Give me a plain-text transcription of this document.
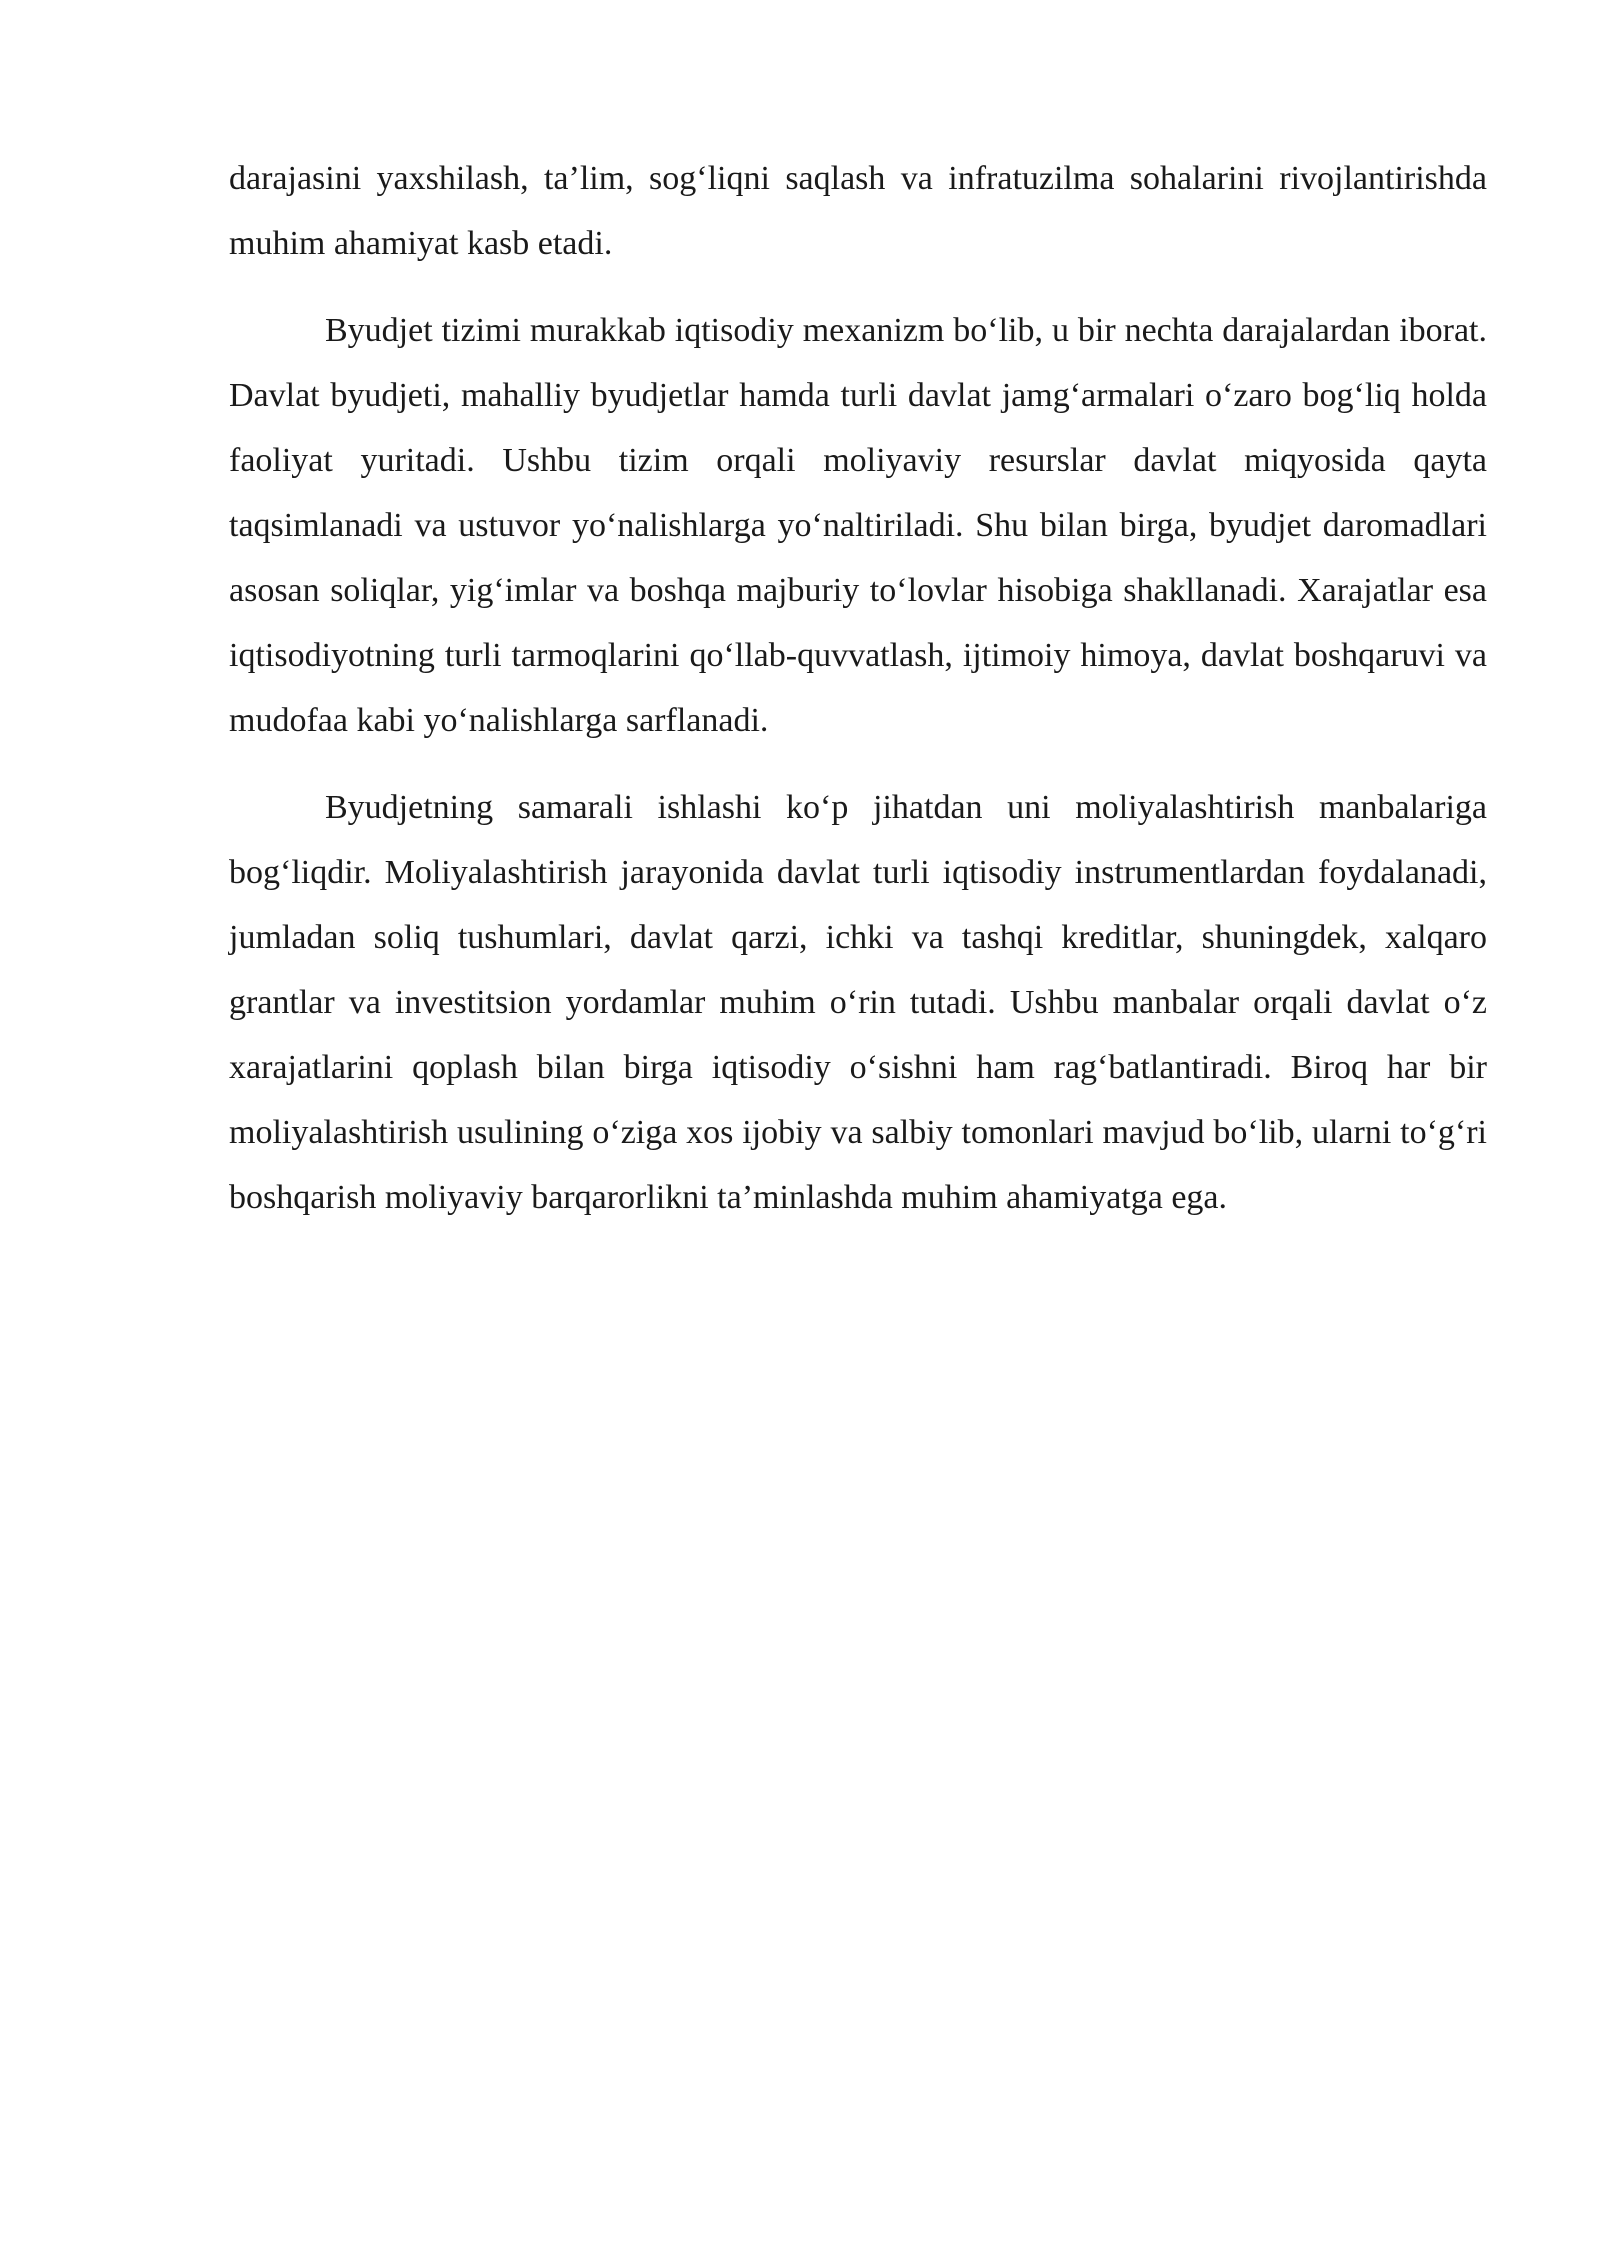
darajasini yaxshilash, ta’lim, sog‘liqni saqlash va infratuzilma sohalarini rivojlantirishda muhim ahamiyat kasb etadi.

Byudjet tizimi murakkab iqtisodiy mexanizm bo‘lib, u bir nechta darajalardan iborat. Davlat byudjeti, mahalliy byudjetlar hamda turli davlat jamg‘armalari o‘zaro bog‘liq holda faoliyat yuritadi. Ushbu tizim orqali moliyaviy resurslar davlat miqyosida qayta taqsimlanadi va ustuvor yo‘nalishlarga yo‘naltiriladi. Shu bilan birga, byudjet daromadlari asosan soliqlar, yig‘imlar va boshqa majburiy to‘lovlar hisobiga shakllanadi. Xarajatlar esa iqtisodiyotning turli tarmoqlarini qo‘llab-quvvatlash, ijtimoiy himoya, davlat boshqaruvi va mudofaa kabi yo‘nalishlarga sarflanadi.

Byudjetning samarali ishlashi ko‘p jihatdan uni moliyalashtirish manbalariga bog‘liqdir. Moliyalashtirish jarayonida davlat turli iqtisodiy instrumentlardan foydalanadi, jumladan soliq tushumlari, davlat qarzi, ichki va tashqi kreditlar, shuningdek, xalqaro grantlar va investitsion yordamlar muhim o‘rin tutadi. Ushbu manbalar orqali davlat o‘z xarajatlarini qoplash bilan birga iqtisodiy o‘sishni ham rag‘batlantiradi. Biroq har bir moliyalashtirish usulining o‘ziga xos ijobiy va salbiy tomonlari mavjud bo‘lib, ularni to‘g‘ri boshqarish moliyaviy barqarorlikni ta’minlashda muhim ahamiyatga ega.
